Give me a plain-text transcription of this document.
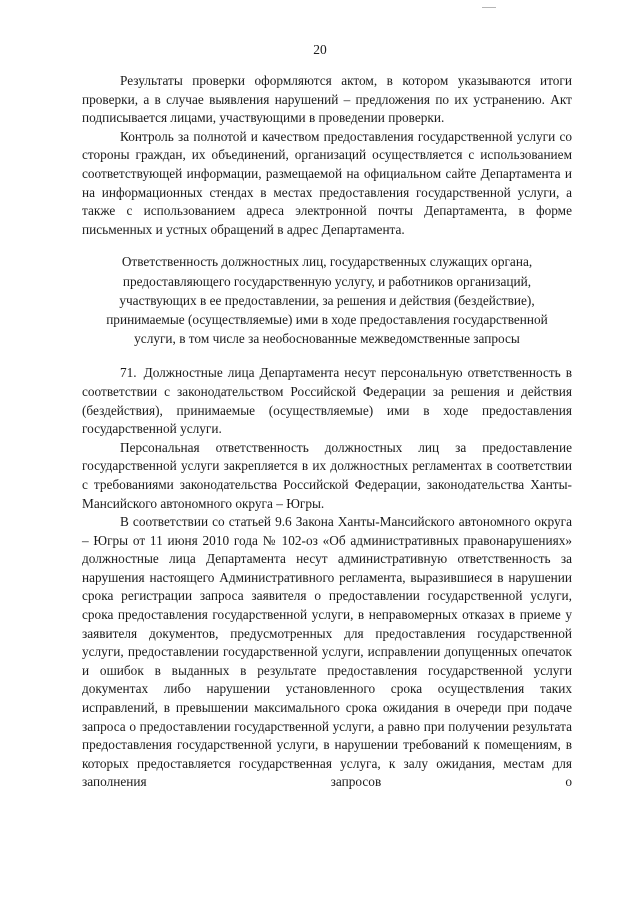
20

Результаты проверки оформляются актом, в котором указываются итоги проверки, а в случае выявления нарушений – предложения по их устранению. Акт подписывается лицами, участвующими в проведении проверки.

Контроль за полнотой и качеством предоставления государственной услуги со стороны граждан, их объединений, организаций осуществляется с использованием соответствующей информации, размещаемой на официальном сайте Департамента и на информационных стендах в местах предоставления государственной услуги, а также с использованием адреса электронной почты Департамента, в форме письменных и устных обращений в адрес Департамента.

Ответственность должностных лиц, государственных служащих органа, предоставляющего государственную услугу, и работников организаций, участвующих в ее предоставлении, за решения и действия (бездействие), принимаемые (осуществляемые) ими в ходе предоставления государственной услуги, в том числе за необоснованные межведомственные запросы

71. Должностные лица Департамента несут персональную ответственность в соответствии с законодательством Российской Федерации за решения и действия (бездействия), принимаемые (осуществляемые) ими в ходе предоставления государственной услуги.

Персональная ответственность должностных лиц за предоставление государственной услуги закрепляется в их должностных регламентах в соответствии с требованиями законодательства Российской Федерации, законодательства Ханты-Мансийского автономного округа – Югры.

В соответствии со статьей 9.6 Закона Ханты-Мансийского автономного округа – Югры от 11 июня 2010 года № 102-оз «Об административных правонарушениях» должностные лица Департамента несут административную ответственность за нарушения настоящего Административного регламента, выразившиеся в нарушении срока регистрации запроса заявителя о предоставлении государственной услуги, срока предоставления государственной услуги, в неправомерных отказах в приеме у заявителя документов, предусмотренных для предоставления государственной услуги, предоставлении государственной услуги, исправлении допущенных опечаток и ошибок в выданных в результате предоставления государственной услуги документах либо нарушении установленного срока осуществления таких исправлений, в превышении максимального срока ожидания в очереди при подаче запроса о предоставлении государственной услуги, а равно при получении результата предоставления государственной услуги, в нарушении требований к помещениям, в которых предоставляется государственная услуга, к залу ожидания, местам для заполнения запросов о
